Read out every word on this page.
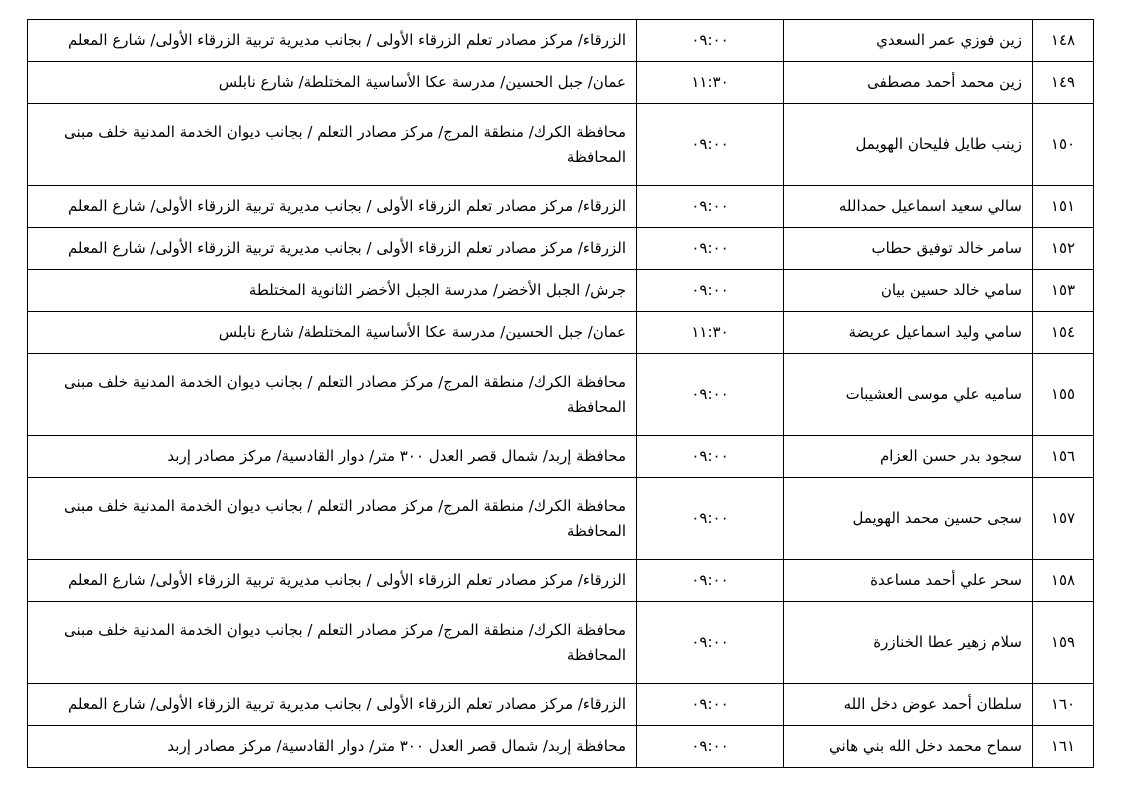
١٤٨	زين فوزي عمر السعدي	٠٩:٠٠	الزرقاء/ مركز مصادر تعلم الزرقاء الأولى / بجانب مديرية تربية الزرقاء الأولى/ شارع المعلم
١٤٩	زين محمد أحمد مصطفى	١١:٣٠	عمان/ جبل الحسين/ مدرسة عكا الأساسية المختلطة/ شارع نابلس
١٥٠	زينب طايل فليحان الهويمل	٠٩:٠٠	محافظة الكرك/ منطقة المرج/ مركز مصادر التعلم / بجانب ديوان الخدمة المدنية خلف مبنى المحافظة
١٥١	سالي سعيد اسماعيل حمدالله	٠٩:٠٠	الزرقاء/ مركز مصادر تعلم الزرقاء الأولى / بجانب مديرية تربية الزرقاء الأولى/ شارع المعلم
١٥٢	سامر خالد توفيق حطاب	٠٩:٠٠	الزرقاء/ مركز مصادر تعلم الزرقاء الأولى / بجانب مديرية تربية الزرقاء الأولى/ شارع المعلم
١٥٣	سامي خالد حسين بيان	٠٩:٠٠	جرش/ الجبل الأخضر/ مدرسة الجبل الأخضر الثانوية المختلطة
١٥٤	سامي وليد اسماعيل عريضة	١١:٣٠	عمان/ جبل الحسين/ مدرسة عكا الأساسية المختلطة/ شارع نابلس
١٥٥	ساميه علي موسى العشيبات	٠٩:٠٠	محافظة الكرك/ منطقة المرج/ مركز مصادر التعلم / بجانب ديوان الخدمة المدنية خلف مبنى المحافظة
١٥٦	سجود بدر حسن العزام	٠٩:٠٠	محافظة إربد/ شمال قصر العدل ٣٠٠ متر/ دوار القادسية/ مركز مصادر إربد
١٥٧	سجى حسين محمد الهويمل	٠٩:٠٠	محافظة الكرك/ منطقة المرج/ مركز مصادر التعلم / بجانب ديوان الخدمة المدنية خلف مبنى المحافظة
١٥٨	سحر علي أحمد مساعدة	٠٩:٠٠	الزرقاء/ مركز مصادر تعلم الزرقاء الأولى / بجانب مديرية تربية الزرقاء الأولى/ شارع المعلم
١٥٩	سلام زهير عطا الخنازرة	٠٩:٠٠	محافظة الكرك/ منطقة المرج/ مركز مصادر التعلم / بجانب ديوان الخدمة المدنية خلف مبنى المحافظة
١٦٠	سلطان أحمد عوض دخل الله	٠٩:٠٠	الزرقاء/ مركز مصادر تعلم الزرقاء الأولى / بجانب مديرية تربية الزرقاء الأولى/ شارع المعلم
١٦١	سماح محمد دخل الله بني هاني	٠٩:٠٠	محافظة إربد/ شمال قصر العدل ٣٠٠ متر/ دوار القادسية/ مركز مصادر إربد
